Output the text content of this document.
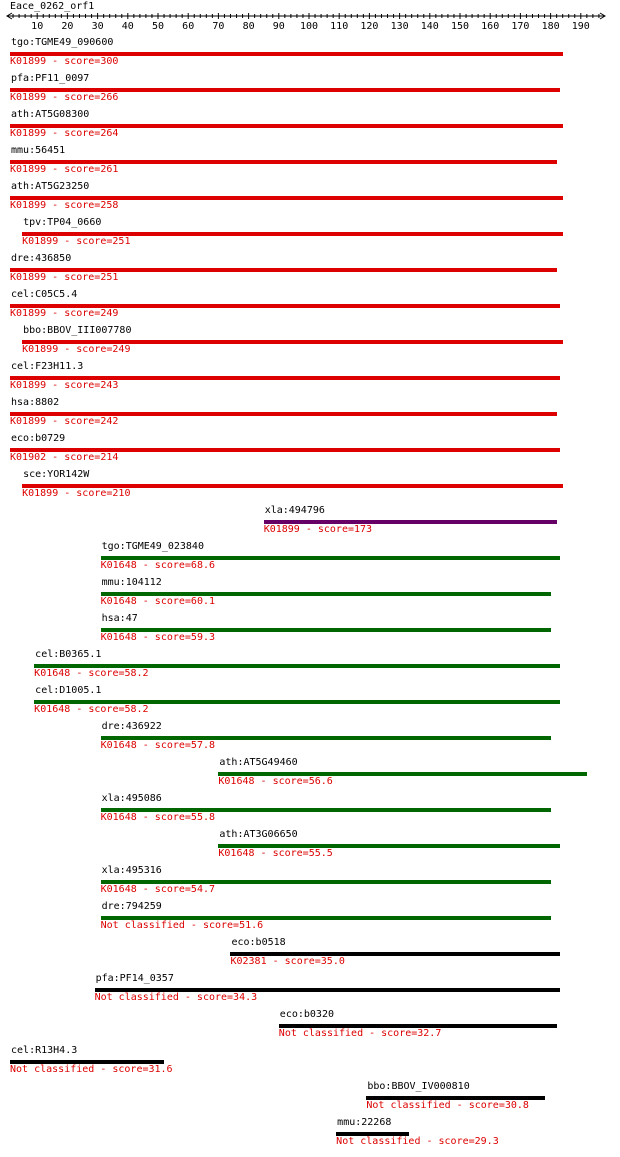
Eace_0262_orf1
10 20 30 40 50 60 70 80 90 100 110 120 130 140 150 160 170 180 190
tgo:TGME49_090600
K01899 - score=300
pfa:PF11_0097
K01899 - score=266
ath:AT5G08300
K01899 - score=264
mmu:56451
K01899 - score=261
ath:AT5G23250
K01899 - score=258
tpv:TP04_0660
K01899 - score=251
dre:436850
K01899 - score=251
cel:C05C5.4
K01899 - score=249
bbo:BBOV_III007780
K01899 - score=249
cel:F23H11.3
K01899 - score=243
hsa:8802
K01899 - score=242
eco:b0729
K01902 - score=214
sce:YOR142W
K01899 - score=210
xla:494796
K01899 - score=173
tgo:TGME49_023840
K01648 - score=68.6
mmu:104112
K01648 - score=60.1
hsa:47
K01648 - score=59.3
cel:B0365.1
K01648 - score=58.2
cel:D1005.1
K01648 - score=58.2
dre:436922
K01648 - score=57.8
ath:AT5G49460
K01648 - score=56.6
xla:495086
K01648 - score=55.8
ath:AT3G06650
K01648 - score=55.5
xla:495316
K01648 - score=54.7
dre:794259
Not classified - score=51.6
eco:b0518
K02381 - score=35.0
pfa:PF14_0357
Not classified - score=34.3
eco:b0320
Not classified - score=32.7
cel:R13H4.3
Not classified - score=31.6
bbo:BBOV_IV000810
Not classified - score=30.8
mmu:22268
Not classified - score=29.3
